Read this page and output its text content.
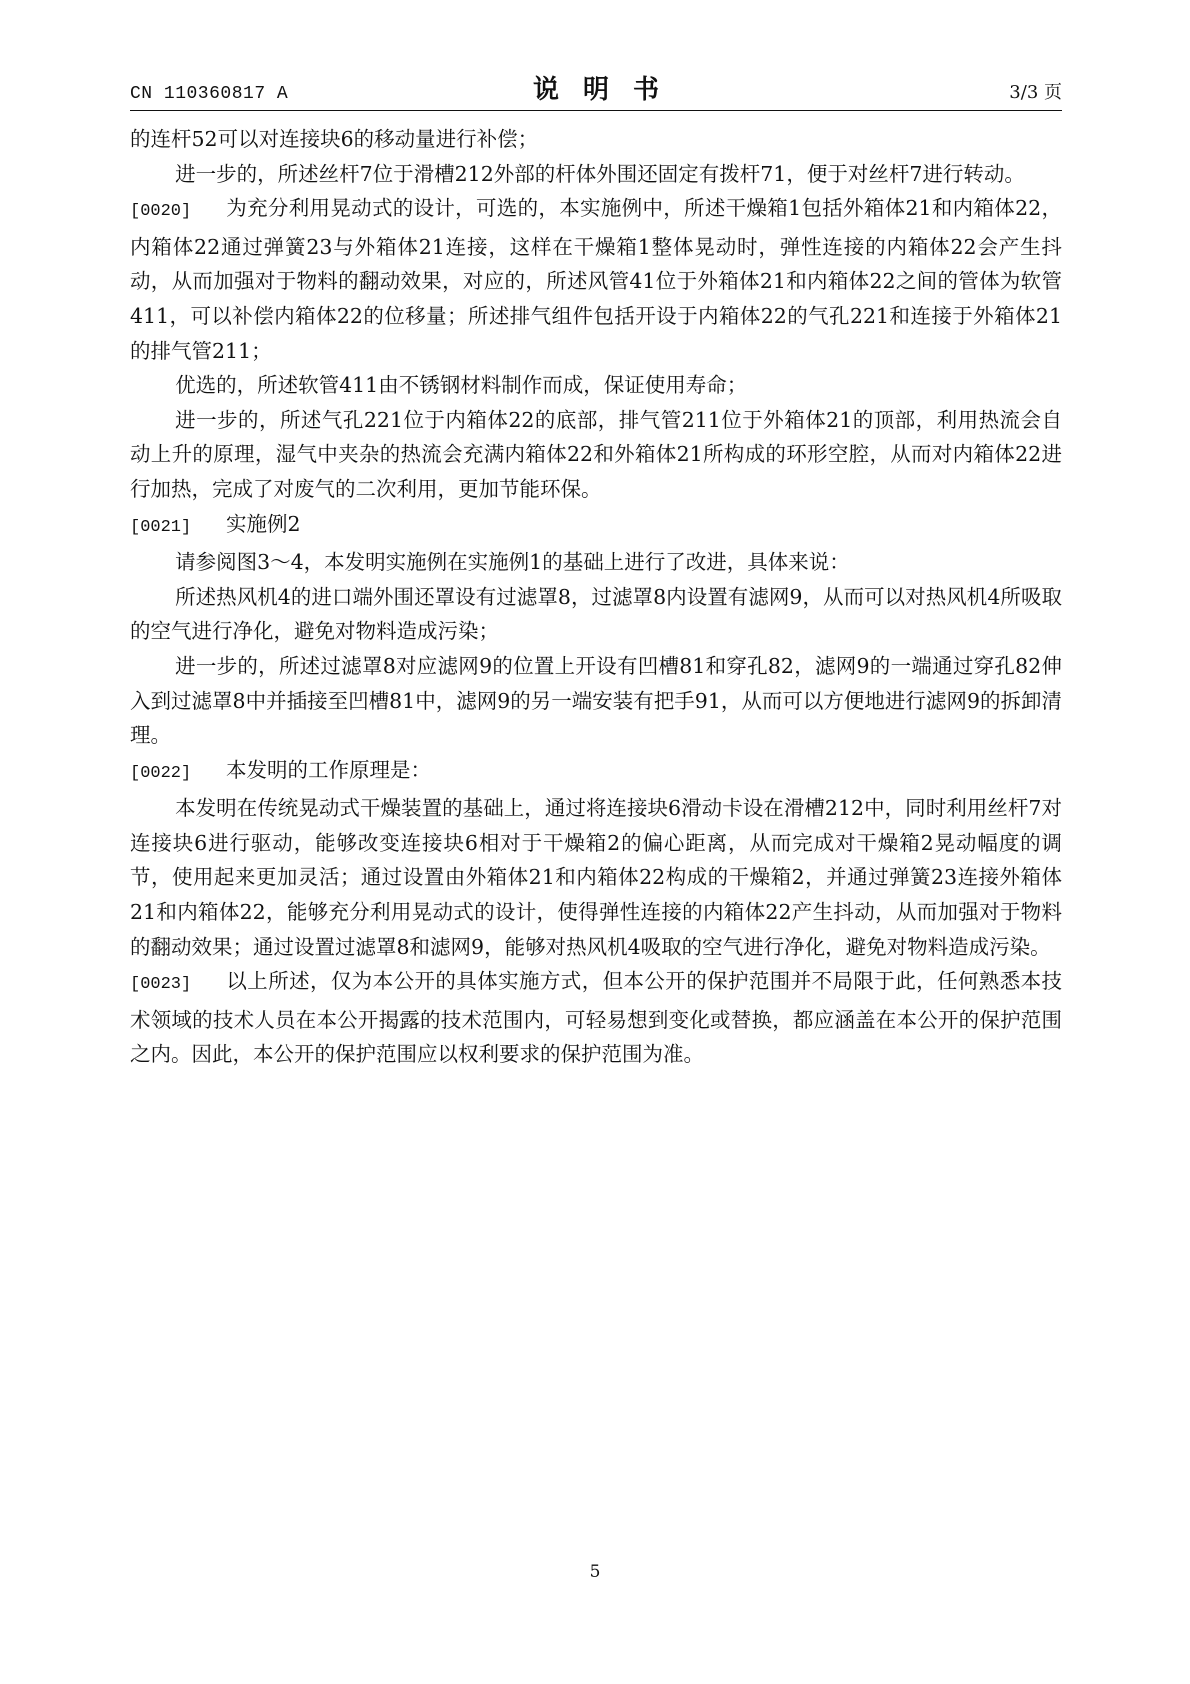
CN 110360817 A	说明书	3/3 页

的连杆52可以对连接块6的移动量进行补偿；

进一步的，所述丝杆7位于滑槽212外部的杆体外围还固定有拨杆71，便于对丝杆7进行转动。

[0020] 为充分利用晃动式的设计，可选的，本实施例中，所述干燥箱1包括外箱体21和内箱体22，内箱体22通过弹簧23与外箱体21连接，这样在干燥箱1整体晃动时，弹性连接的内箱体22会产生抖动，从而加强对于物料的翻动效果，对应的，所述风管41位于外箱体21和内箱体22之间的管体为软管411，可以补偿内箱体22的位移量；所述排气组件包括开设于内箱体22的气孔221和连接于外箱体21的排气管211；

优选的，所述软管411由不锈钢材料制作而成，保证使用寿命；

进一步的，所述气孔221位于内箱体22的底部，排气管211位于外箱体21的顶部，利用热流会自动上升的原理，湿气中夹杂的热流会充满内箱体22和外箱体21所构成的环形空腔，从而对内箱体22进行加热，完成了对废气的二次利用，更加节能环保。

[0021] 实施例2

请参阅图3～4，本发明实施例在实施例1的基础上进行了改进，具体来说：

所述热风机4的进口端外围还罩设有过滤罩8，过滤罩8内设置有滤网9，从而可以对热风机4所吸取的空气进行净化，避免对物料造成污染；

进一步的，所述过滤罩8对应滤网9的位置上开设有凹槽81和穿孔82，滤网9的一端通过穿孔82伸入到过滤罩8中并插接至凹槽81中，滤网9的另一端安装有把手91，从而可以方便地进行滤网9的拆卸清理。

[0022] 本发明的工作原理是：

本发明在传统晃动式干燥装置的基础上，通过将连接块6滑动卡设在滑槽212中，同时利用丝杆7对连接块6进行驱动，能够改变连接块6相对于干燥箱2的偏心距离，从而完成对干燥箱2晃动幅度的调节，使用起来更加灵活；通过设置由外箱体21和内箱体22构成的干燥箱2，并通过弹簧23连接外箱体21和内箱体22，能够充分利用晃动式的设计，使得弹性连接的内箱体22产生抖动，从而加强对于物料的翻动效果；通过设置过滤罩8和滤网9，能够对热风机4吸取的空气进行净化，避免对物料造成污染。

[0023] 以上所述，仅为本公开的具体实施方式，但本公开的保护范围并不局限于此，任何熟悉本技术领域的技术人员在本公开揭露的技术范围内，可轻易想到变化或替换，都应涵盖在本公开的保护范围之内。因此，本公开的保护范围应以权利要求的保护范围为准。

5
